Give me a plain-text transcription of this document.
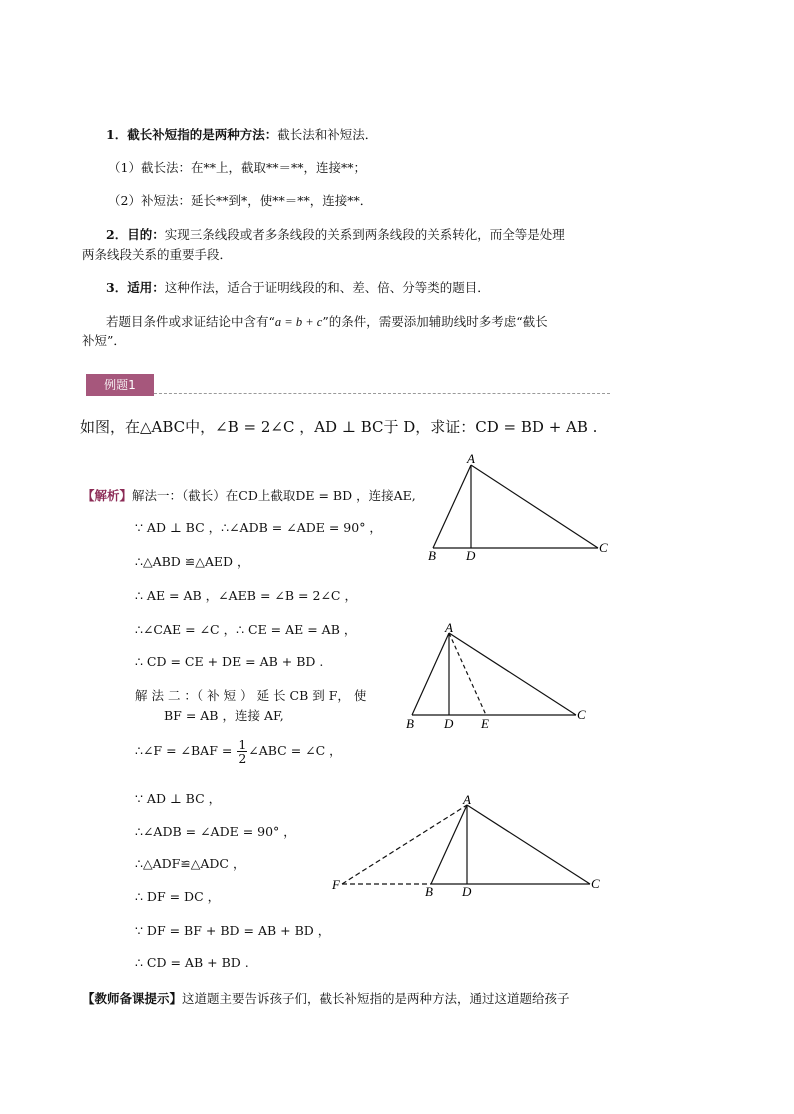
1．截长补短指的是两种方法：截长法和补短法．
（1）截长法：在**上，截取**＝**，连接**；
（2）补短法：延长**到*，使**＝**，连接**．
2．目的：实现三条线段或者多条线段的关系到两条线段的关系转化，而全等是处理
两条线段关系的重要手段．
3．适用：这种作法，适合于证明线段的和、差、倍、分等类的题目．
若题目条件或求证结论中含有“a = b + c”的条件，需要添加辅助线时多考虑“截长
补短”．
例题1
如图，在△ABC中，∠B = 2∠C ，AD ⊥ BC于 D，求证：CD = BD + AB .
【解析】解法一：（截长）在CD上截取DE = BD ，连接AE,
∵ AD ⊥ BC ，∴∠ADB = ∠ADE = 90° ，
∴△ABD ≌△AED ，
∴ AE = AB ，∠AEB = ∠B = 2∠C ，
∴∠CAE = ∠C ，∴ CE = AE = AB ，
∴ CD = CE + DE = AB + BD .
解 法 二 ：（ 补 短 ） 延 长 CB 到 F， 使
BF = AB ，连接 AF,
∴∠F = ∠BAF = $\frac{1}{2}$ ∠ABC = ∠C ，
∵ AD ⊥ BC ，
∴∠ADB = ∠ADE = 90° ，
∴△ADF≌△ADC ，
∴ DF = DC ，
∵ DF = BF + BD = AB + BD ，
∴ CD = AB + BD .
【教师备课提示】这道题主要告诉孩子们，截长补短指的是两种方法，通过这道题给孩子
A
B D
C
A
B D E
C
A
F	B D
C
